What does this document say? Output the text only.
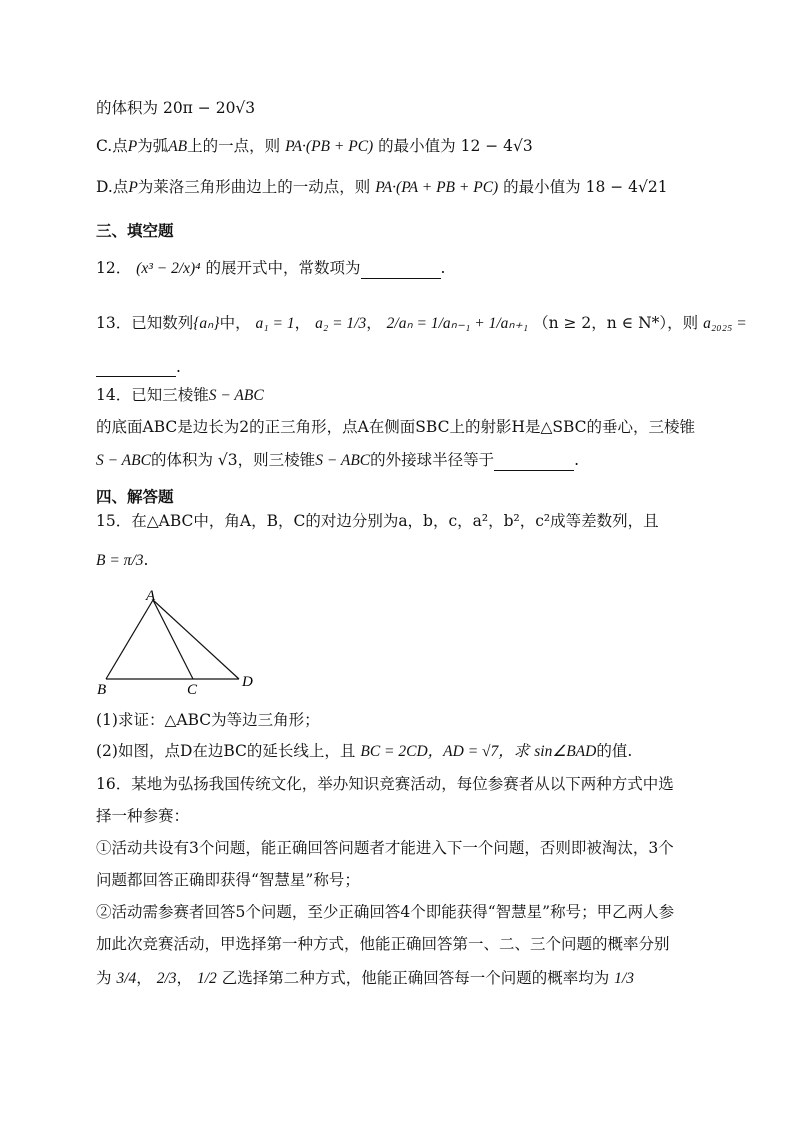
的体积为 20π − 20√3
C.点P为弧AB上的一点，则 PA·(PB + PC) 的最小值为 12 − 4√3
D.点P为莱洛三角形曲边上的一动点，则 PA·(PA + PB + PC) 的最小值为 18 − 4√21
三、填空题
12． (x³ − 2/x)⁴ 的展开式中，常数项为	.
13．已知数列{aₙ}中， a₁ = 1， a₂ = 1/3， 2/aₙ = 1/aₙ₋₁ + 1/aₙ₊₁ （n ≥ 2，n ∈ N*），则 a₂₀₂₅ =
.
14．已知三棱锥S − ABC
的底面ABC是边长为2的正三角形，点A在侧面SBC上的射影H是△SBC的垂心，三棱锥
S − ABC的体积为 √3，则三棱锥S − ABC的外接球半径等于	.
四、解答题
15．在△ABC中，角A，B，C的对边分别为a，b，c，a²，b²，c²成等差数列，且
B = π/3.
A
B	C	D
(1)求证：△ABC为等边三角形；
(2)如图，点D在边BC的延长线上，且 BC = 2CD，AD = √7，求 sin∠BAD的值.
16．某地为弘扬我国传统文化，举办知识竞赛活动，每位参赛者从以下两种方式中选
择一种参赛：
①活动共设有3个问题，能正确回答问题者才能进入下一个问题，否则即被淘汰，3个
问题都回答正确即获得“智慧星”称号；
②活动需参赛者回答5个问题，至少正确回答4个即能获得“智慧星”称号；甲乙两人参
加此次竞赛活动，甲选择第一种方式，他能正确回答第一、二、三个问题的概率分别
为 3/4， 2/3， 1/2 乙选择第二种方式，他能正确回答每一个问题的概率均为 1/3
